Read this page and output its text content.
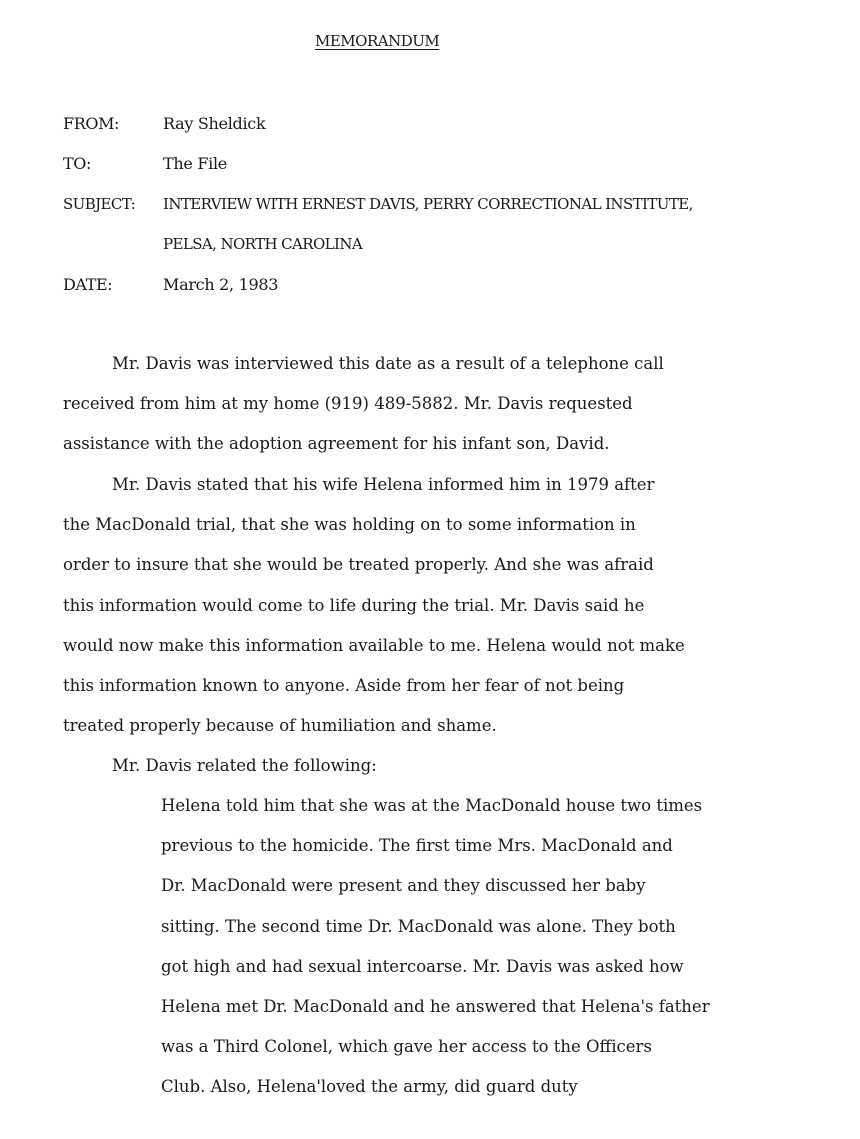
MEMORANDUM
FROM:	Ray Sheldick
TO:	The File
SUBJECT: INTERVIEW WITH ERNEST DAVIS, PERRY CORRECTIONAL INSTITUTE,
PELSA, NORTH CAROLINA
DATE:	March 2, 1983
Mr. Davis was interviewed this date as a result of a telephone call
received from him at my home (919) 489-5882. Mr. Davis requested
assistance with the adoption agreement for his infant son, David.
Mr. Davis stated that his wife Helena informed him in 1979 after
the MacDonald trial, that she was holding on to some information in
order to insure that she would be treated properly. And she was afraid
this information would come to life during the trial. Mr. Davis said he
would now make this information available to me. Helena would not make
this information known to anyone. Aside from her fear of not being
treated properly because of humiliation and shame.
Mr. Davis related the following:
Helena told him that she was at the MacDonald house two times
previous to the homicide. The first time Mrs. MacDonald and
Dr. MacDonald were present and they discussed her baby
sitting. The second time Dr. MacDonald was alone. They both
got high and had sexual intercoarse. Mr. Davis was asked how
Helena met Dr. MacDonald and he answered that Helena's father
was a Third Colonel, which gave her access to the Officers
Club. Also, Helena'loved the army, did guard duty
